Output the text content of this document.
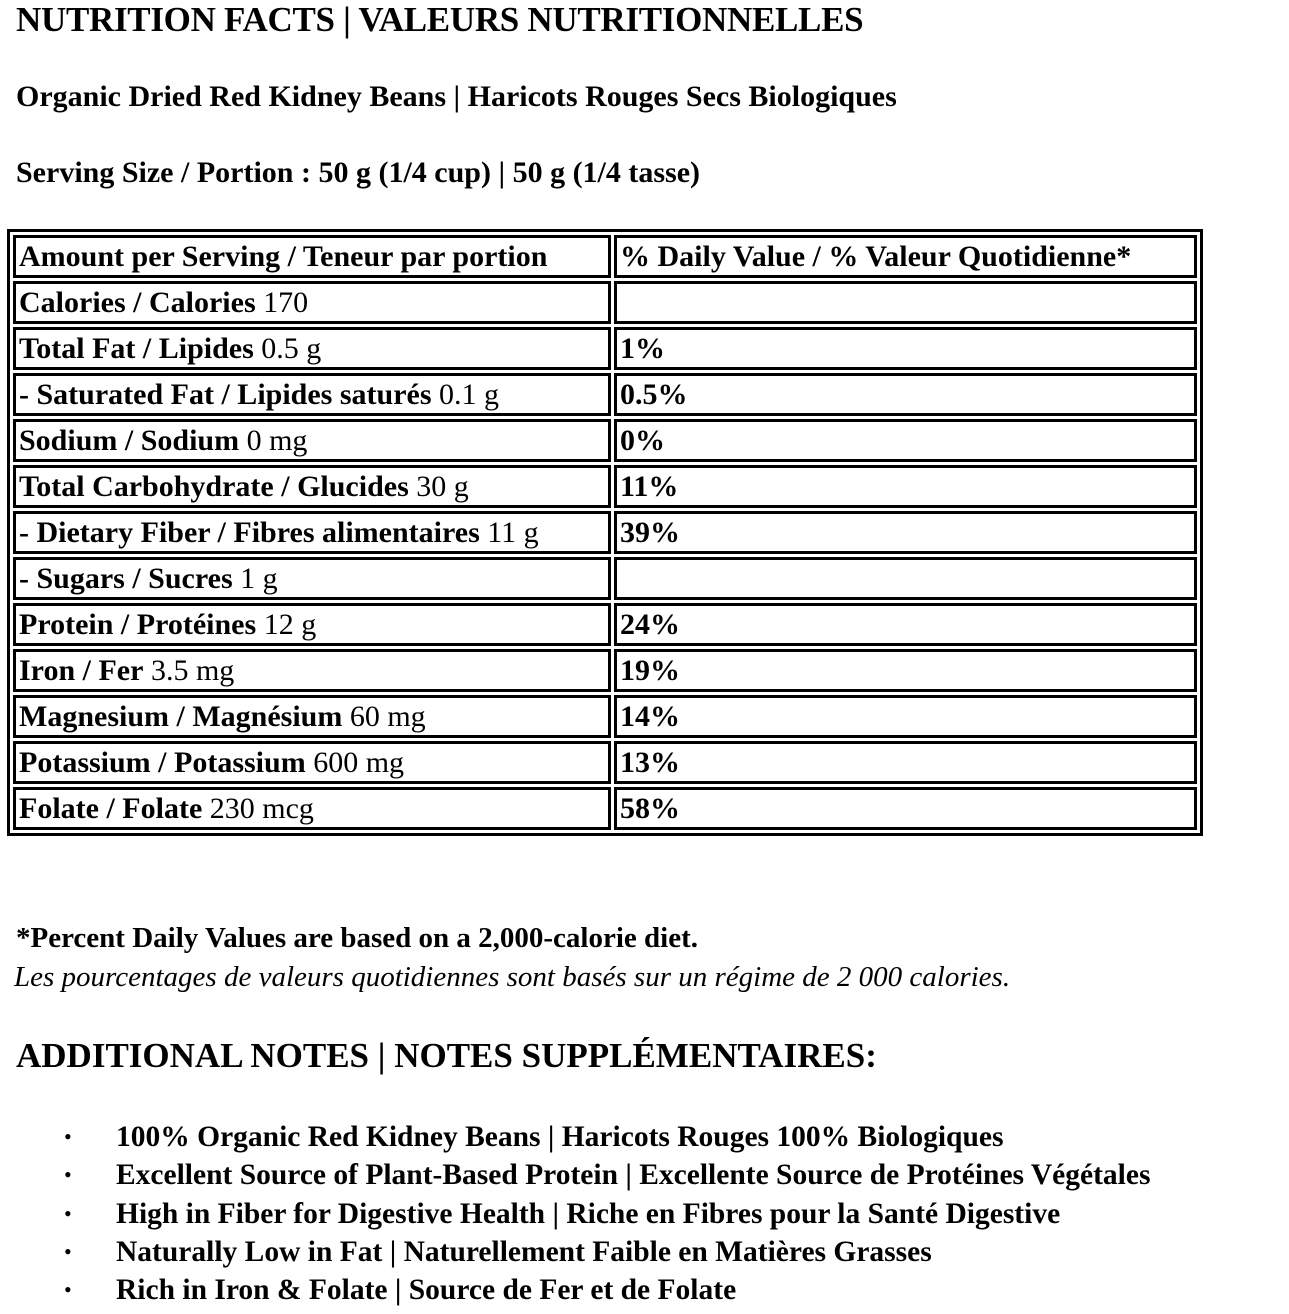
NUTRITION FACTS | VALEURS NUTRITIONNELLES
Organic Dried Red Kidney Beans | Haricots Rouges Secs Biologiques

Serving Size / Portion : 50 g (1/4 cup) | 50 g (1/4 tasse)

Amount per Serving / Teneur par portion	% Daily Value / % Valeur Quotidienne*
Calories / Calories 170	
Total Fat / Lipides 0.5 g	1%
- Saturated Fat / Lipides saturés 0.1 g	0.5%
Sodium / Sodium 0 mg	0%
Total Carbohydrate / Glucides 30 g	11%
- Dietary Fiber / Fibres alimentaires 11 g	39%
- Sugars / Sucres 1 g	
Protein / Protéines 12 g	24%
Iron / Fer 3.5 mg	19%
Magnesium / Magnésium 60 mg	14%
Potassium / Potassium 600 mg	13%
Folate / Folate 230 mcg	58%

*Percent Daily Values are based on a 2,000-calorie diet.

Les pourcentages de valeurs quotidiennes sont basés sur un régime de 2 000 calories.

ADDITIONAL NOTES | NOTES SUPPLÉMENTAIRES:
• 100% Organic Red Kidney Beans | Haricots Rouges 100% Biologiques
• Excellent Source of Plant-Based Protein | Excellente Source de Protéines Végétales
• High in Fiber for Digestive Health | Riche en Fibres pour la Santé Digestive
• Naturally Low in Fat | Naturellement Faible en Matières Grasses
• Rich in Iron & Folate | Source de Fer et de Folate
